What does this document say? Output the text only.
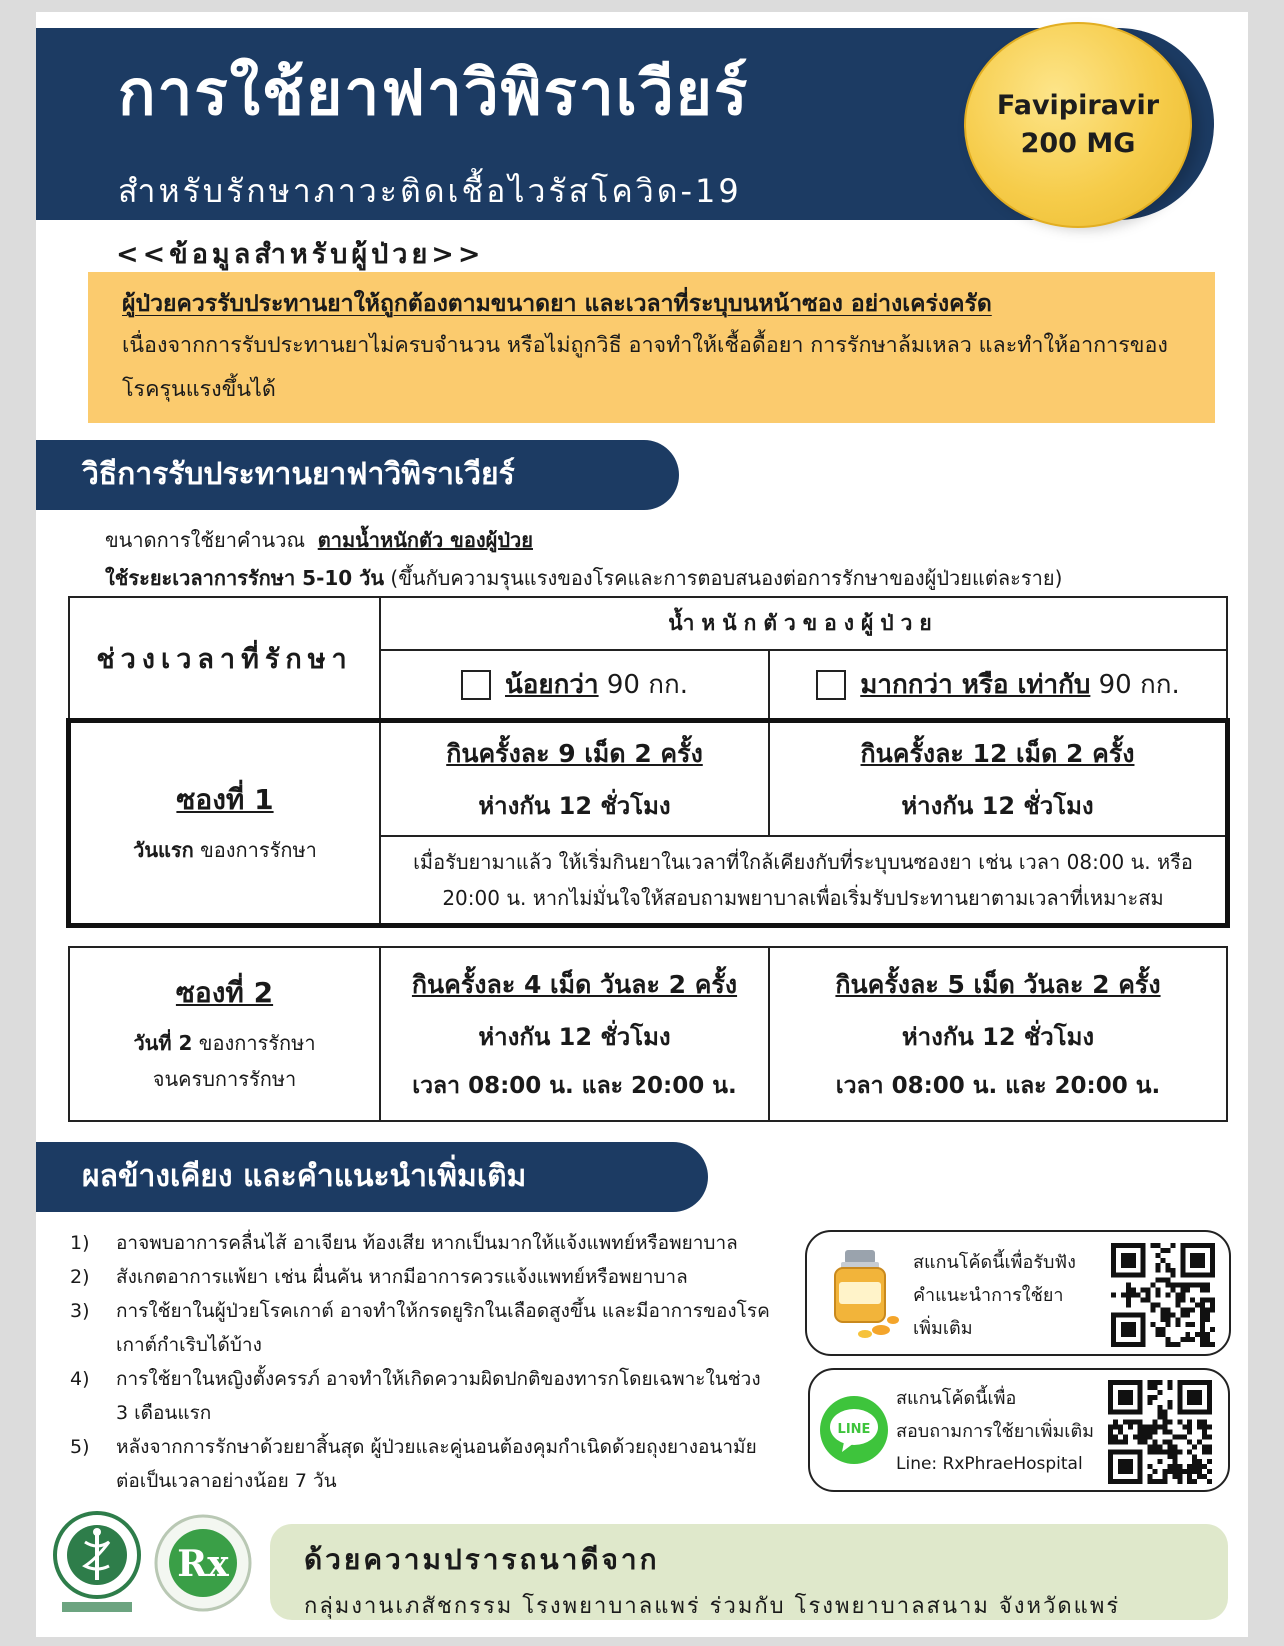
การใช้ยาฟาวิพิราเวียร์
สำหรับรักษาภาวะติดเชื้อไวรัสโควิด-19
Favipiravir
200 MG
<<ข้อมูลสำหรับผู้ป่วย>>
ผู้ป่วยควรรับประทานยาให้ถูกต้องตามขนาดยา และเวลาที่ระบุบนหน้าซอง อย่างเคร่งครัด
เนื่องจากการรับประทานยาไม่ครบจำนวน หรือไม่ถูกวิธี อาจทำให้เชื้อดื้อยา การรักษาล้มเหลว และทำให้อาการของโรครุนแรงขึ้นได้
วิธีการรับประทานยาฟาวิพิราเวียร์
ขนาดการใช้ยาคำนวณ ตามน้ำหนักตัว ของผู้ป่วย
ใช้ระยะเวลาการรักษา 5-10 วัน (ขึ้นกับความรุนแรงของโรคและการตอบสนองต่อการรักษาของผู้ป่วยแต่ละราย)
ช่วงเวลาที่รักษา
น้ำหนักตัวของผู้ป่วย
น้อยกว่า 90 กก.	มากกว่า หรือ เท่ากับ 90 กก.
ซองที่ 1
วันแรก ของการรักษา
กินครั้งละ 9 เม็ด 2 ครั้ง
ห่างกัน 12 ชั่วโมง
กินครั้งละ 12 เม็ด 2 ครั้ง
ห่างกัน 12 ชั่วโมง
เมื่อรับยามาแล้ว ให้เริ่มกินยาในเวลาที่ใกล้เคียงกับที่ระบุบนซองยา เช่น เวลา 08:00 น. หรือ 20:00 น. หากไม่มั่นใจให้สอบถามพยาบาลเพื่อเริ่มรับประทานยาตามเวลาที่เหมาะสม
ซองที่ 2
วันที่ 2 ของการรักษา
จนครบการรักษา
กินครั้งละ 4 เม็ด วันละ 2 ครั้ง
ห่างกัน 12 ชั่วโมง
เวลา 08:00 น. และ 20:00 น.
กินครั้งละ 5 เม็ด วันละ 2 ครั้ง
ห่างกัน 12 ชั่วโมง
เวลา 08:00 น. และ 20:00 น.
ผลข้างเคียง และคำแนะนำเพิ่มเติม
1) อาจพบอาการคลื่นไส้ อาเจียน ท้องเสีย หากเป็นมากให้แจ้งแพทย์หรือพยาบาล
2) สังเกตอาการแพ้ยา เช่น ผื่นคัน หากมีอาการควรแจ้งแพทย์หรือพยาบาล
3) การใช้ยาในผู้ป่วยโรคเกาต์ อาจทำให้กรดยูริกในเลือดสูงขึ้น และมีอาการของโรคเกาต์กำเริบได้บ้าง
4) การใช้ยาในหญิงตั้งครรภ์ อาจทำให้เกิดความผิดปกติของทารกโดยเฉพาะในช่วง 3 เดือนแรก
5) หลังจากการรักษาด้วยยาสิ้นสุด ผู้ป่วยและคู่นอนต้องคุมกำเนิดด้วยถุงยางอนามัยต่อเป็นเวลาอย่างน้อย 7 วัน
สแกนโค้ดนี้เพื่อรับฟัง
คำแนะนำการใช้ยา
เพิ่มเติม
LINE
สแกนโค้ดนี้เพื่อ
สอบถามการใช้ยาเพิ่มเติม
Line: RxPhraeHospital
Rx	ด้วยความปรารถนาดีจาก
กลุ่มงานเภสัชกรรม โรงพยาบาลแพร่ ร่วมกับ โรงพยาบาลสนาม จังหวัดแพร่
